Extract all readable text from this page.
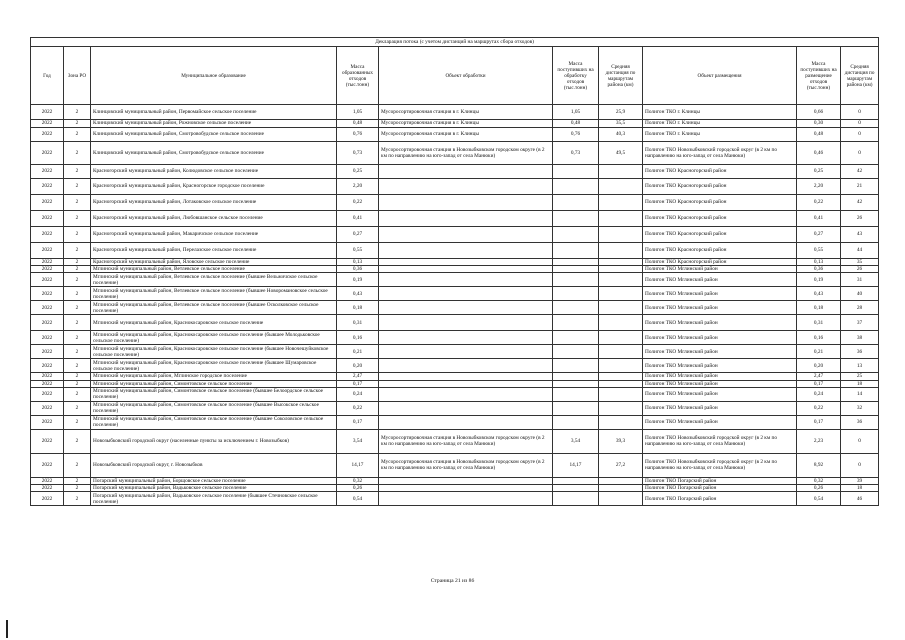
Декларация потока (с учетом дистанций на маршрутах сбора отходов)									
Год	Зона РО	Муниципальное образование	Масса образованных отходов (тыс.тонн)	Объект обработки	Масса поступивших на обработку отходов (тыс.тонн)	Средняя дистанция по маршрутам района (км)	Объект размещения	Масса поступивших на размещение отходов (тыс.тонн)	Средняя дистанция по маршрутам района (км)
2022	2	Клинцовский муниципальный район, Первомайское сельское поселение	1,05	Мусоросортировочная станция в г. Клинцы	1,05	25,9	Полигон ТКО г. Клинцы	0,66	0
2022	2	Клинцовский муниципальный район, Рожновское сельское поселение	0,48	Мусоросортировочная станция в г. Клинцы	0,48	35,5	Полигон ТКО г. Клинцы	0,30	0
2022	2	Клинцовский муниципальный район, Смотровобудское сельское поселение	0,76	Мусоросортировочная станция в г. Клинцы	0,76	40,3	Полигон ТКО г. Клинцы	0,48	0
2022	2	Клинцовский муниципальный район, Смотровобудское сельское поселение	0,73	Мусоросортировочная станция в Новозыбковском городском округе (в 2 км по направлению на юго-запад от села Манюки)	0,73	49,5	Полигон ТКО Новозыбковский городской округ (в 2 км по направлению на юго-запад от села Манюки)	0,46	0
2022	2	Красногорский муниципальный район, Колюдовское сельское поселение	0,25				Полигон ТКО Красногорский район	0,25	42
2022	2	Красногорский муниципальный район, Красногорское городское поселение	2,20				Полигон ТКО Красногорский район	2,20	21
2022	2	Красногорский муниципальный район, Лотаковское сельское поселение	0,22				Полигон ТКО Красногорский район	0,22	42
2022	2	Красногорский муниципальный район, Любовшанское сельское поселение	0,41				Полигон ТКО Красногорский район	0,41	26
2022	2	Красногорский муниципальный район, Макаричское сельское поселение	0,27				Полигон ТКО Красногорский район	0,27	43
2022	2	Красногорский муниципальный район, Перелазское сельское поселение	0,55				Полигон ТКО Красногорский район	0,55	44
2022	2	Красногорский муниципальный район, Яловское сельское поселение	0,13				Полигон ТКО Красногорский район	0,13	35
2022	2	Мглинский муниципальный район, Ветлевское сельское поселение	0,36				Полигон ТКО Мглинский район	0,36	26
2022	2	Мглинский муниципальный район, Ветлевское сельское поселение (бывшее Вельжичское сельское поселение)	0,19				Полигон ТКО Мглинский район	0,19	31
2022	2	Мглинский муниципальный район, Ветлевское сельское поселение (бывшее Новоромановское сельское поселение)	0,43				Полигон ТКО Мглинский район	0,43	40
2022	2	Мглинский муниципальный район, Ветлевское сельское поселение (бывшее Осколковское сельское поселение)	0,18				Полигон ТКО Мглинский район	0,18	28
2022	2	Мглинский муниципальный район, Краснокосаровское сельское поселение	0,31				Полигон ТКО Мглинский район	0,31	37
2022	2	Мглинский муниципальный район, Краснокосаровское сельское поселение (бывшее Молодьковское сельское поселение)	0,16				Полигон ТКО Мглинский район	0,16	38
2022	2	Мглинский муниципальный район, Краснокосаровское сельское поселение (бывшее Новочешуйковское сельское поселение)	0,21				Полигон ТКО Мглинский район	0,21	36
2022	2	Мглинский муниципальный район, Краснокосаровское сельское поселение (бывшее Шумаровское сельское поселение)	0,20				Полигон ТКО Мглинский район	0,20	13
2022	2	Мглинский муниципальный район, Мглинское городское поселение	2,47				Полигон ТКО Мглинский район	2,47	25
2022	2	Мглинский муниципальный район, Симонтовское сельское поселение	0,17				Полигон ТКО Мглинский район	0,17	18
2022	2	Мглинский муниципальный район, Симонтовское сельское поселение (бывшее Белоордское сельское поселение)	0,24				Полигон ТКО Мглинский район	0,24	14
2022	2	Мглинский муниципальный район, Симонтовское сельское поселение (бывшее Высокское сельское поселение)	0,22				Полигон ТКО Мглинский район	0,22	32
2022	2	Мглинский муниципальный район, Симонтовское сельское поселение (бывшее Соколовское сельское поселение)	0,17				Полигон ТКО Мглинский район	0,17	36
2022	2	Новозыбковский городской округ (населенные пункты за исключением г. Новозыбков)	3,54	Мусоросортировочная станция в Новозыбковском городском округе (в 2 км по направлению на юго-запад от села Манюки)	3,54	39,3	Полигон ТКО Новозыбковский городской округ (в 2 км по направлению на юго-запад от села Манюки)	2,23	0
2022	2	Новозыбковский городской округ, г. Новозыбков	14,17	Мусоросортировочная станция в Новозыбковском городском округе (в 2 км по направлению на юго-запад от села Манюки)	14,17	27,2	Полигон ТКО Новозыбковский городской округ (в 2 км по направлению на юго-запад от села Манюки)	8,92	0
2022	2	Погарский муниципальный район, Борщовское сельское поселение	0,32				Полигон ТКО Погарский район	0,32	39
2022	2	Погарский муниципальный район, Вадьковское сельское поселение	0,26				Полигон ТКО Погарский район	0,26	18
2022	2	Погарский муниципальный район, Вадьковское сельское поселение (бывшее Стечновское сельское поселение)	0,54				Полигон ТКО Погарский район	0,54	46
Страница 21 из 86
